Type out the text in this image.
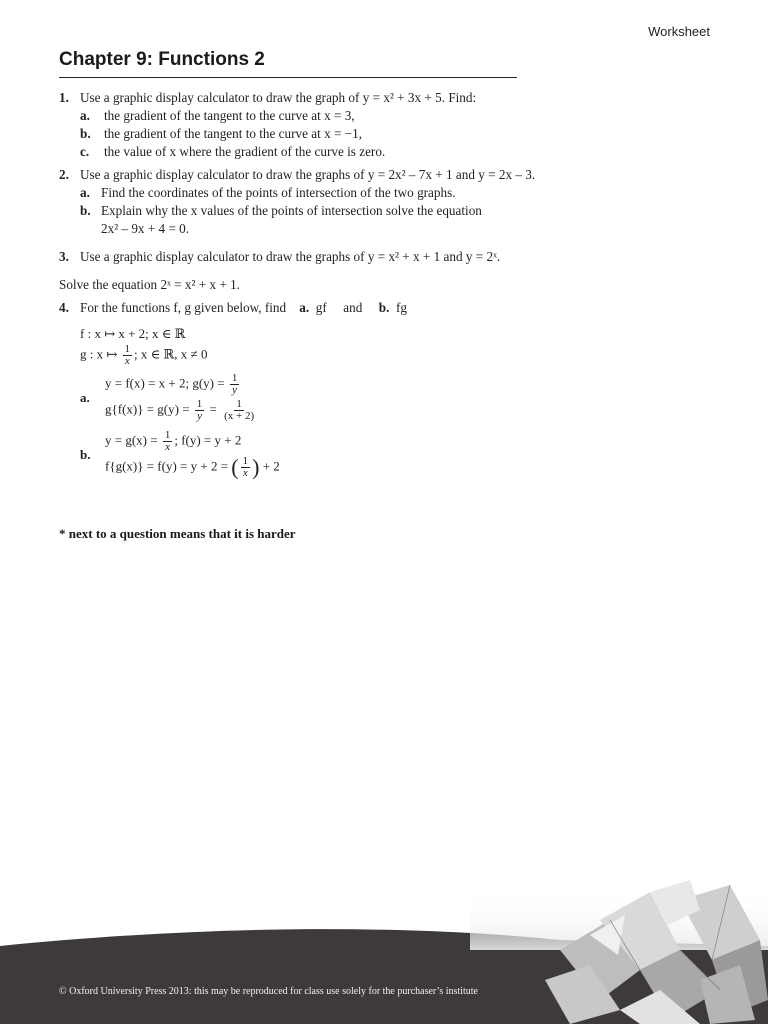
Worksheet
Chapter 9: Functions 2
1. Use a graphic display calculator to draw the graph of y = x² + 3x + 5. Find:
a. the gradient of the tangent to the curve at x = 3,
b. the gradient of the tangent to the curve at x = −1,
c. the value of x where the gradient of the curve is zero.
2. Use a graphic display calculator to draw the graphs of y = 2x² – 7x + 1 and y = 2x – 3.
a. Find the coordinates of the points of intersection of the two graphs.
b. Explain why the x values of the points of intersection solve the equation
2x² – 9x + 4 = 0.
3. Use a graphic display calculator to draw the graphs of y = x² + x + 1 and y = 2ˣ.
Solve the equation 2ˣ = x² + x + 1.
4. For the functions f, g given below, find a. gf and b. fg
f : x ↦ x + 2; x ∈ ℝ
g : x ↦ $\frac{1}{x}$ ; x ∈ ℝ, x ≠ 0
a.
y = f(x) = x + 2; $g(y) = \frac{1}{y}$
$g\{f(x)\} = g(y) = \frac{1}{y} = \frac{1}{(x + 2)}$
b.
$y = g(x) = \frac{1}{x}$ ; f(y) = y + 2
f{g(x)} = f(y) = y + 2 = ( $\frac{1}{x}$ ) + 2
* next to a question means that it is harder
© Oxford University Press 2013: this may be reproduced for class use solely for the purchaser’s institute
